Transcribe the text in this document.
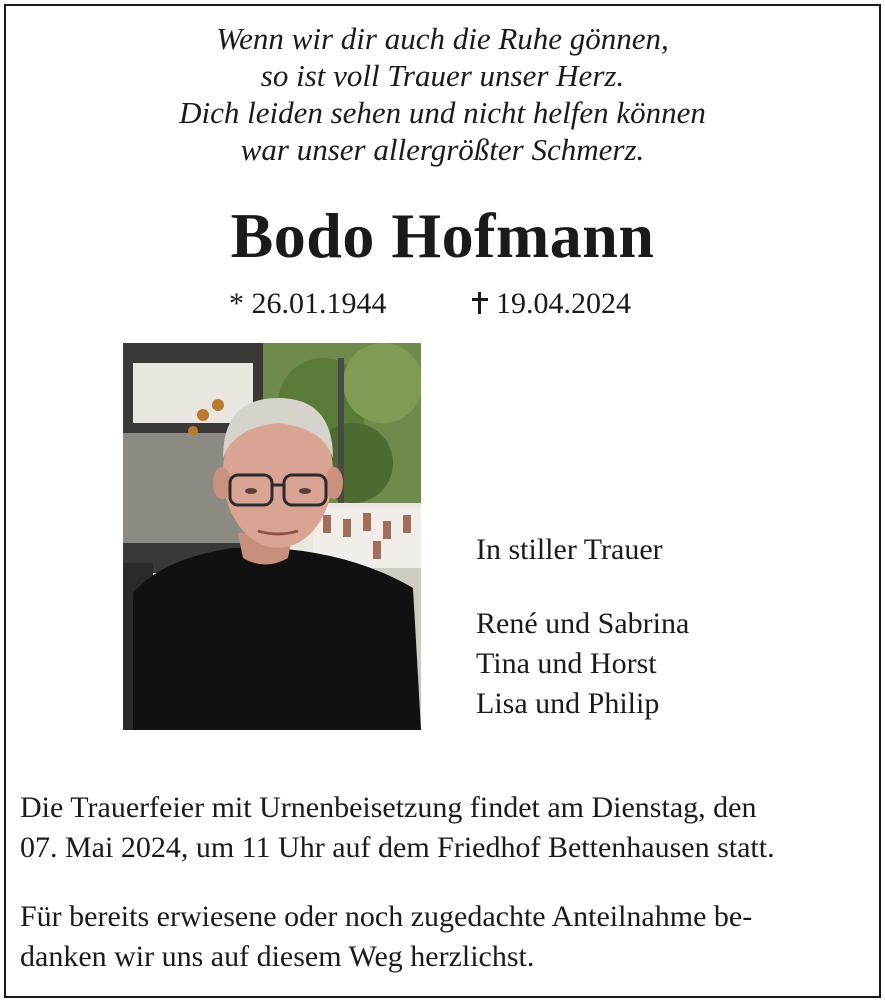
Wenn wir dir auch die Ruhe gönnen,
so ist voll Trauer unser Herz.
Dich leiden sehen und nicht helfen können
war unser allergrößter Schmerz.
Bodo Hofmann
* 26.01.1944	19.04.2024
In stiller Trauer
René und Sabrina
Tina und Horst
Lisa und Philip
Die Trauerfeier mit Urnenbeisetzung findet am Dienstag, den
07. Mai 2024, um 11 Uhr auf dem Friedhof Bettenhausen statt.
Für bereits erwiesene oder noch zugedachte Anteilnahme be-
danken wir uns auf diesem Weg herzlichst.
